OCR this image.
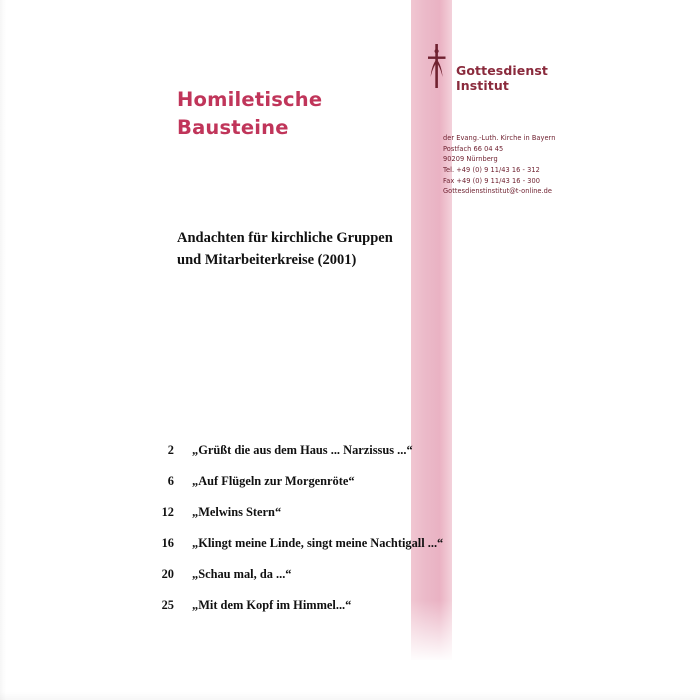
Homiletische
Bausteine
Andachten für kirchliche Gruppen
und Mitarbeiterkreise (2001)
Gottesdienst
Institut
der Evang.-Luth. Kirche in Bayern
Postfach 66 04 45
90209 Nürnberg
Tel. +49 (0) 9 11/43 16 - 312
Fax +49 (0) 9 11/43 16 - 300
Gottesdienstinstitut@t-online.de
2 „Grüßt die aus dem Haus ... Narzissus ...“
6 „Auf Flügeln zur Morgenröte“
12 „Melwins Stern“
16 „Klingt meine Linde, singt meine Nachtigall ...“
20 „Schau mal, da ...“
25 „Mit dem Kopf im Himmel...“
